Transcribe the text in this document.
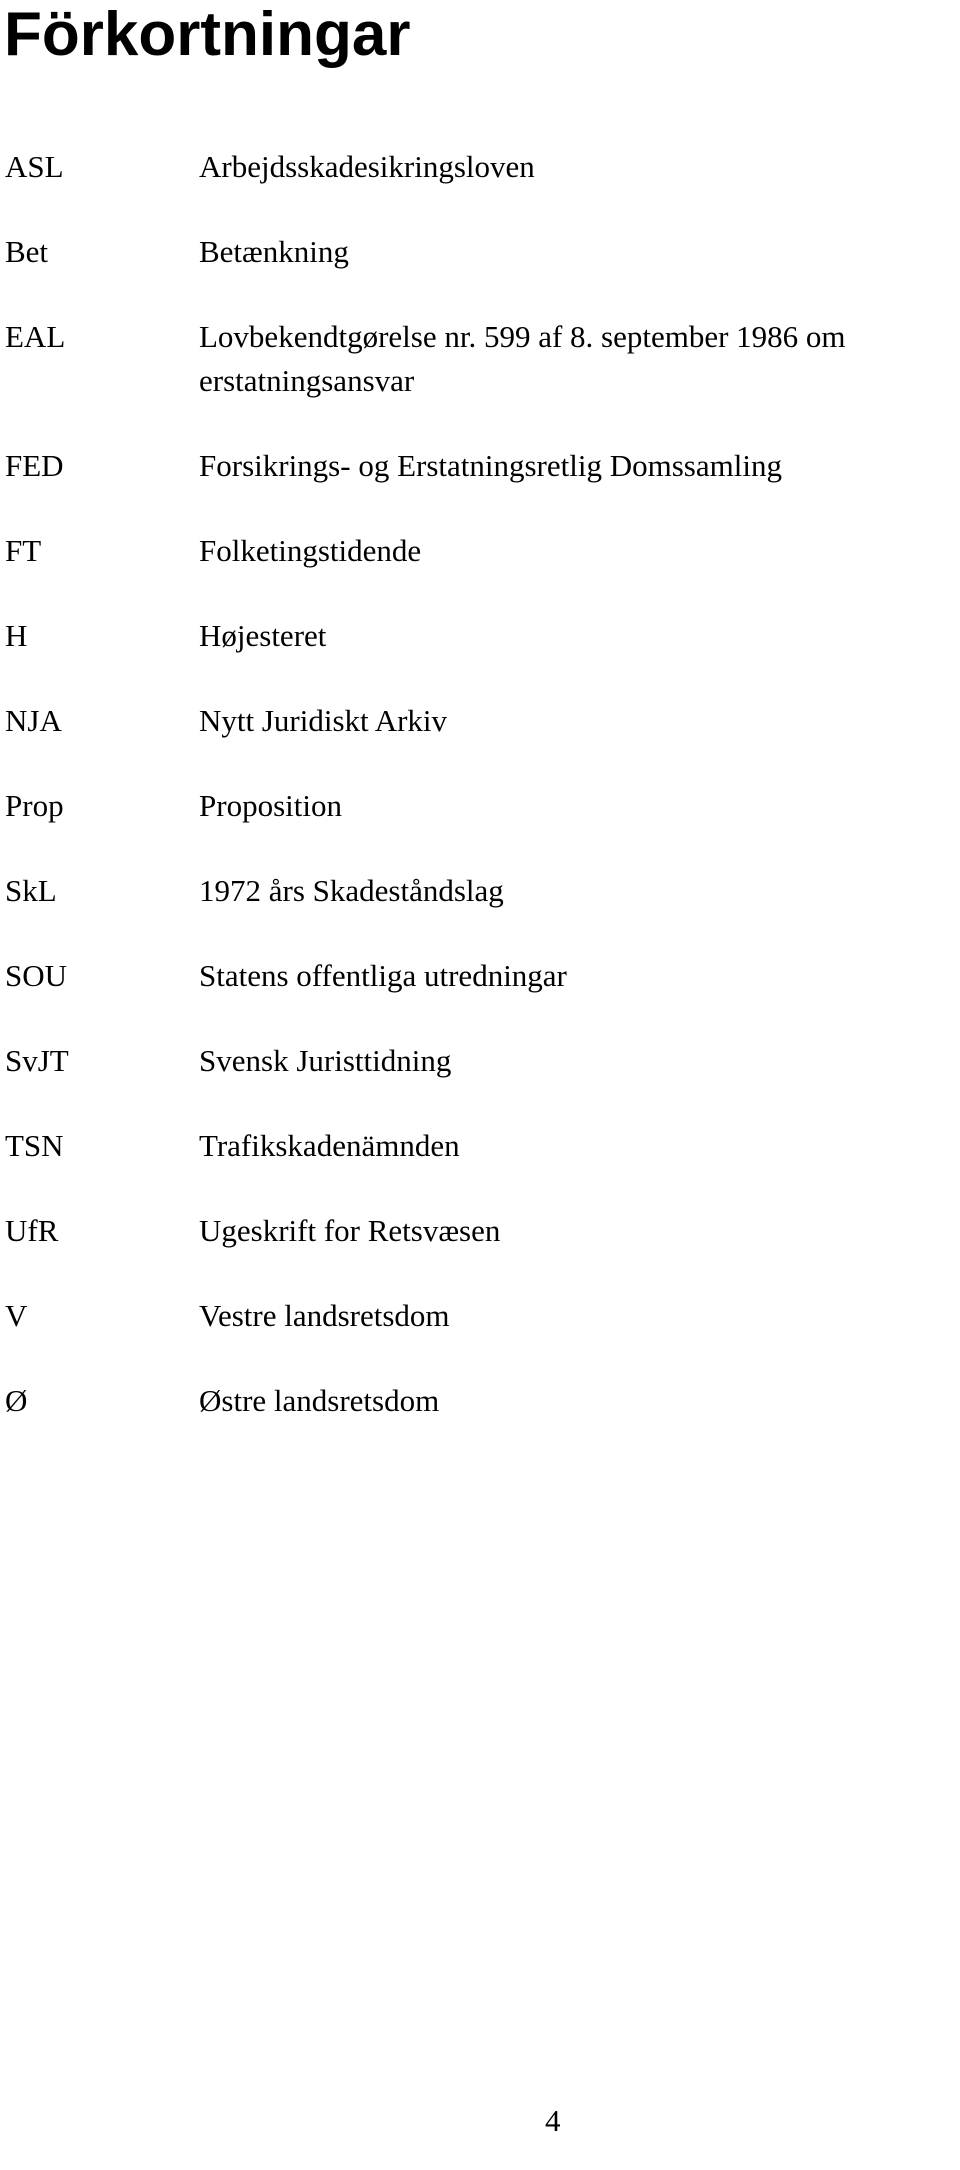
Förkortningar
ASL	Arbejdsskadesikringsloven
Bet	Betænkning
EAL	Lovbekendtgørelse nr. 599 af 8. september 1986 om erstatningsansvar
FED	Forsikrings- og Erstatningsretlig Domssamling
FT	Folketingstidende
H	Højesteret
NJA	Nytt Juridiskt Arkiv
Prop	Proposition
SkL	1972 års Skadeståndslag
SOU	Statens offentliga utredningar
SvJT	Svensk Juristtidning
TSN	Trafikskadenämnden
UfR	Ugeskrift for Retsvæsen
V	Vestre landsretsdom
Ø	Østre landsretsdom
4
